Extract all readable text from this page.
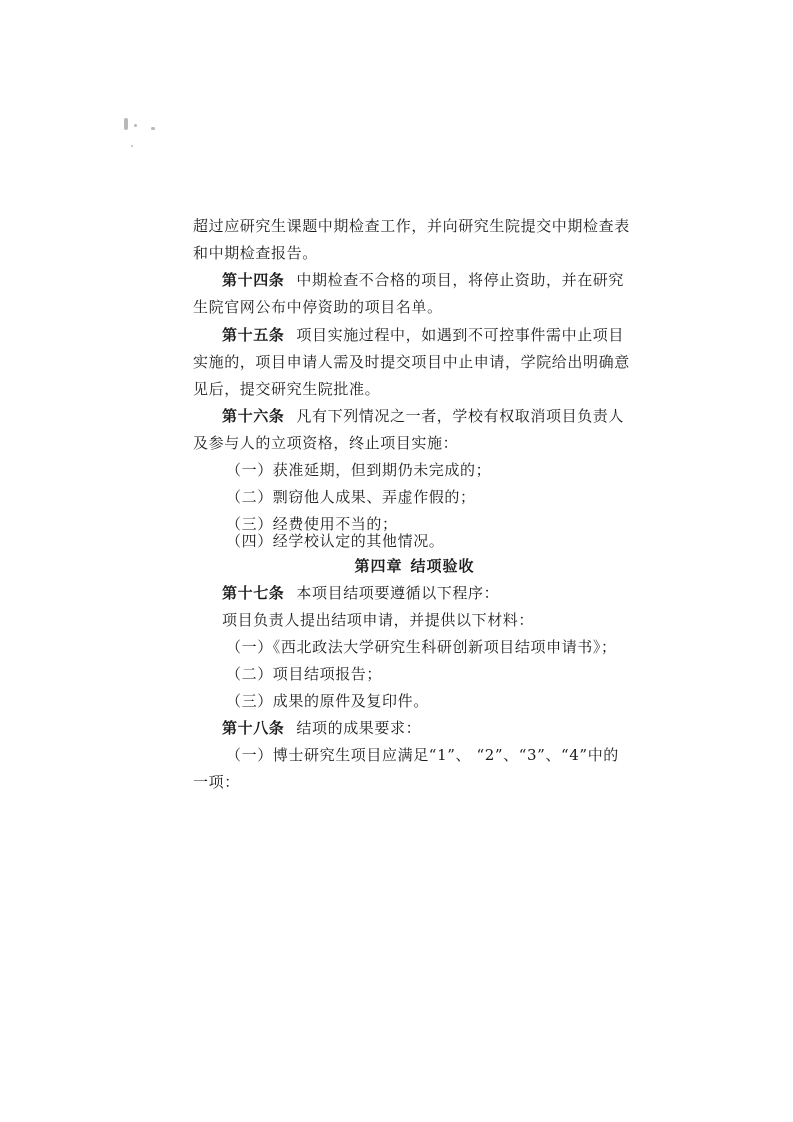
超过应研究生课题中期检查工作，并向研究生院提交中期检查表
和中期检查报告。
第十四条 中期检查不合格的项目，将停止资助，并在研究
生院官网公布中停资助的项目名单。
第十五条 项目实施过程中，如遇到不可控事件需中止项目
实施的，项目申请人需及时提交项目中止申请，学院给出明确意
见后，提交研究生院批准。
第十六条 凡有下列情况之一者，学校有权取消项目负责人
及参与人的立项资格，终止项目实施：
（一）获准延期，但到期仍未完成的；
（二）剽窃他人成果、弄虚作假的；
（三）经费使用不当的；
（四）经学校认定的其他情况。
第四章 结项验收
第十七条 本项目结项要遵循以下程序：
项目负责人提出结项申请，并提供以下材料：
（一）《西北政法大学研究生科研创新项目结项申请书》；
（二）项目结项报告；
（三）成果的原件及复印件。
第十八条 结项的成果要求：
（一）博士研究生项目应满足“1”、 “2”、“3”、“4”中的
一项：
